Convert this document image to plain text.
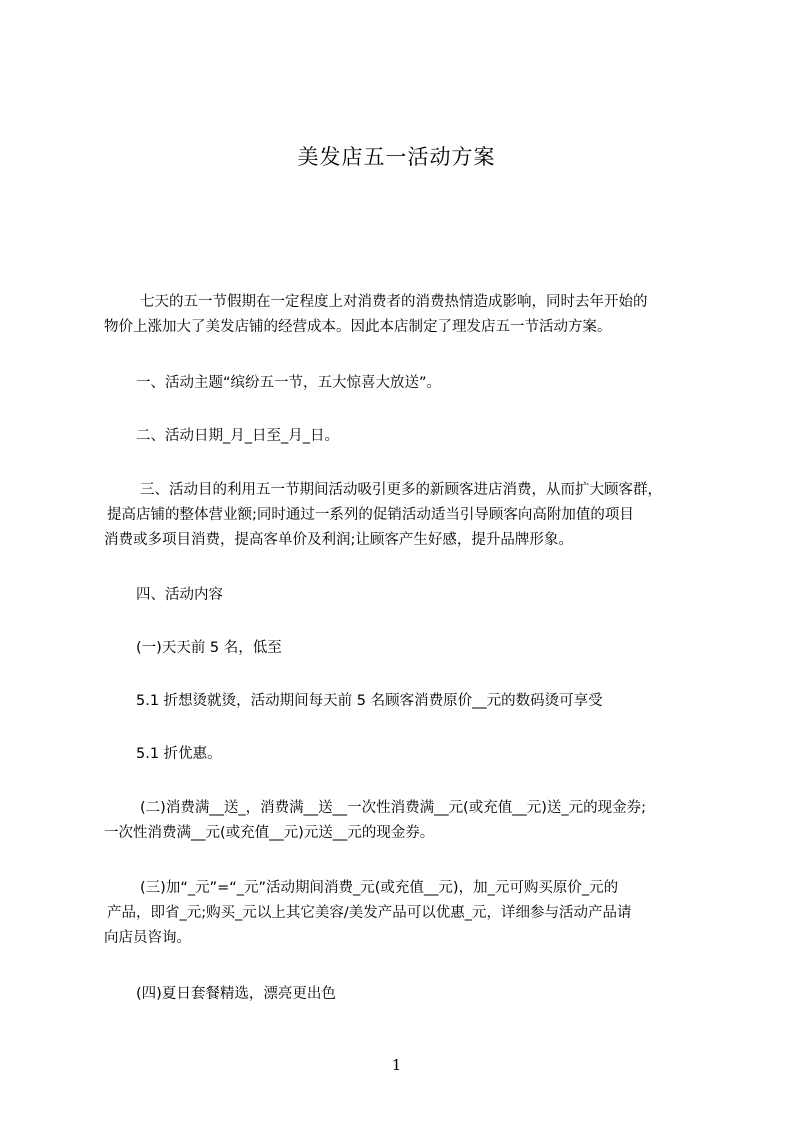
美发店五一活动方案
七天的五一节假期在一定程度上对消费者的消费热情造成影响，同时去年开始的
物价上涨加大了美发店铺的经营成本。因此本店制定了理发店五一节活动方案。
一、活动主题“缤纷五一节，五大惊喜大放送”。
二、活动日期_月_日至_月_日。
三、活动目的利用五一节期间活动吸引更多的新顾客进店消费，从而扩大顾客群，
提高店铺的整体营业额;同时通过一系列的促销活动适当引导顾客向高附加值的项目
消费或多项目消费，提高客单价及利润;让顾客产生好感，提升品牌形象。
四、活动内容
(一)天天前 5 名，低至
5.1 折想烫就烫，活动期间每天前 5 名顾客消费原价__元的数码烫可享受
5.1 折优惠。
(二)消费满__送_，消费满__送__一次性消费满__元(或充值__元)送_元的现金券;
一次性消费满__元(或充值__元)元送__元的现金券。
(三)加“_元”=“_元”活动期间消费_元(或充值__元)，加_元可购买原价_元的
产品，即省_元;购买_元以上其它美容/美发产品可以优惠_元，详细参与活动产品请
向店员咨询。
(四)夏日套餐精选，漂亮更出色
1
